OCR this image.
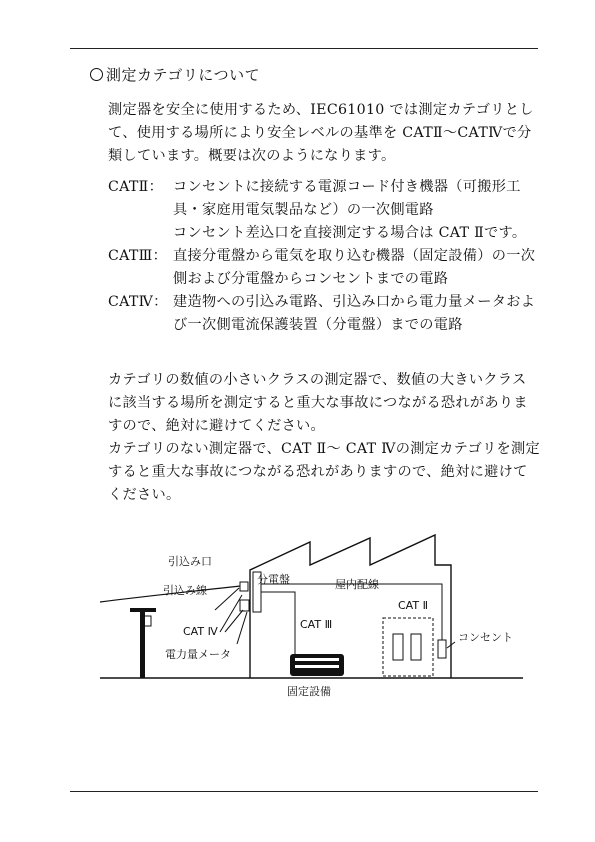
測定カテゴリについて
測定器を安全に使用するため、IEC61010 では測定カテゴリとして、使用する場所により安全レベルの基準を CATⅡ〜CATⅣで分類しています。概要は次のようになります。
CATⅡ： コンセントに接続する電源コード付き機器（可搬形工具・家庭用電気製品など）の一次側電路
コンセント差込口を直接測定する場合は CAT Ⅱです。
CATⅢ： 直接分電盤から電気を取り込む機器（固定設備）の一次側および分電盤からコンセントまでの電路
CATⅣ： 建造物への引込み電路、引込み口から電力量メータおよび一次側電流保護装置（分電盤）までの電路
カテゴリの数値の小さいクラスの測定器で、数値の大きいクラスに該当する場所を測定すると重大な事故につながる恐れがありますので、絶対に避けてください。
カテゴリのない測定器で、CAT Ⅱ〜 CAT Ⅳの測定カテゴリを測定すると重大な事故につながる恐れがありますので、絶対に避けてください。
引込み口
引込み線
分電盤	屋内配線
CAT Ⅳ
CAT Ⅲ
CAT Ⅱ
コンセント
電力量メータ
固定設備
